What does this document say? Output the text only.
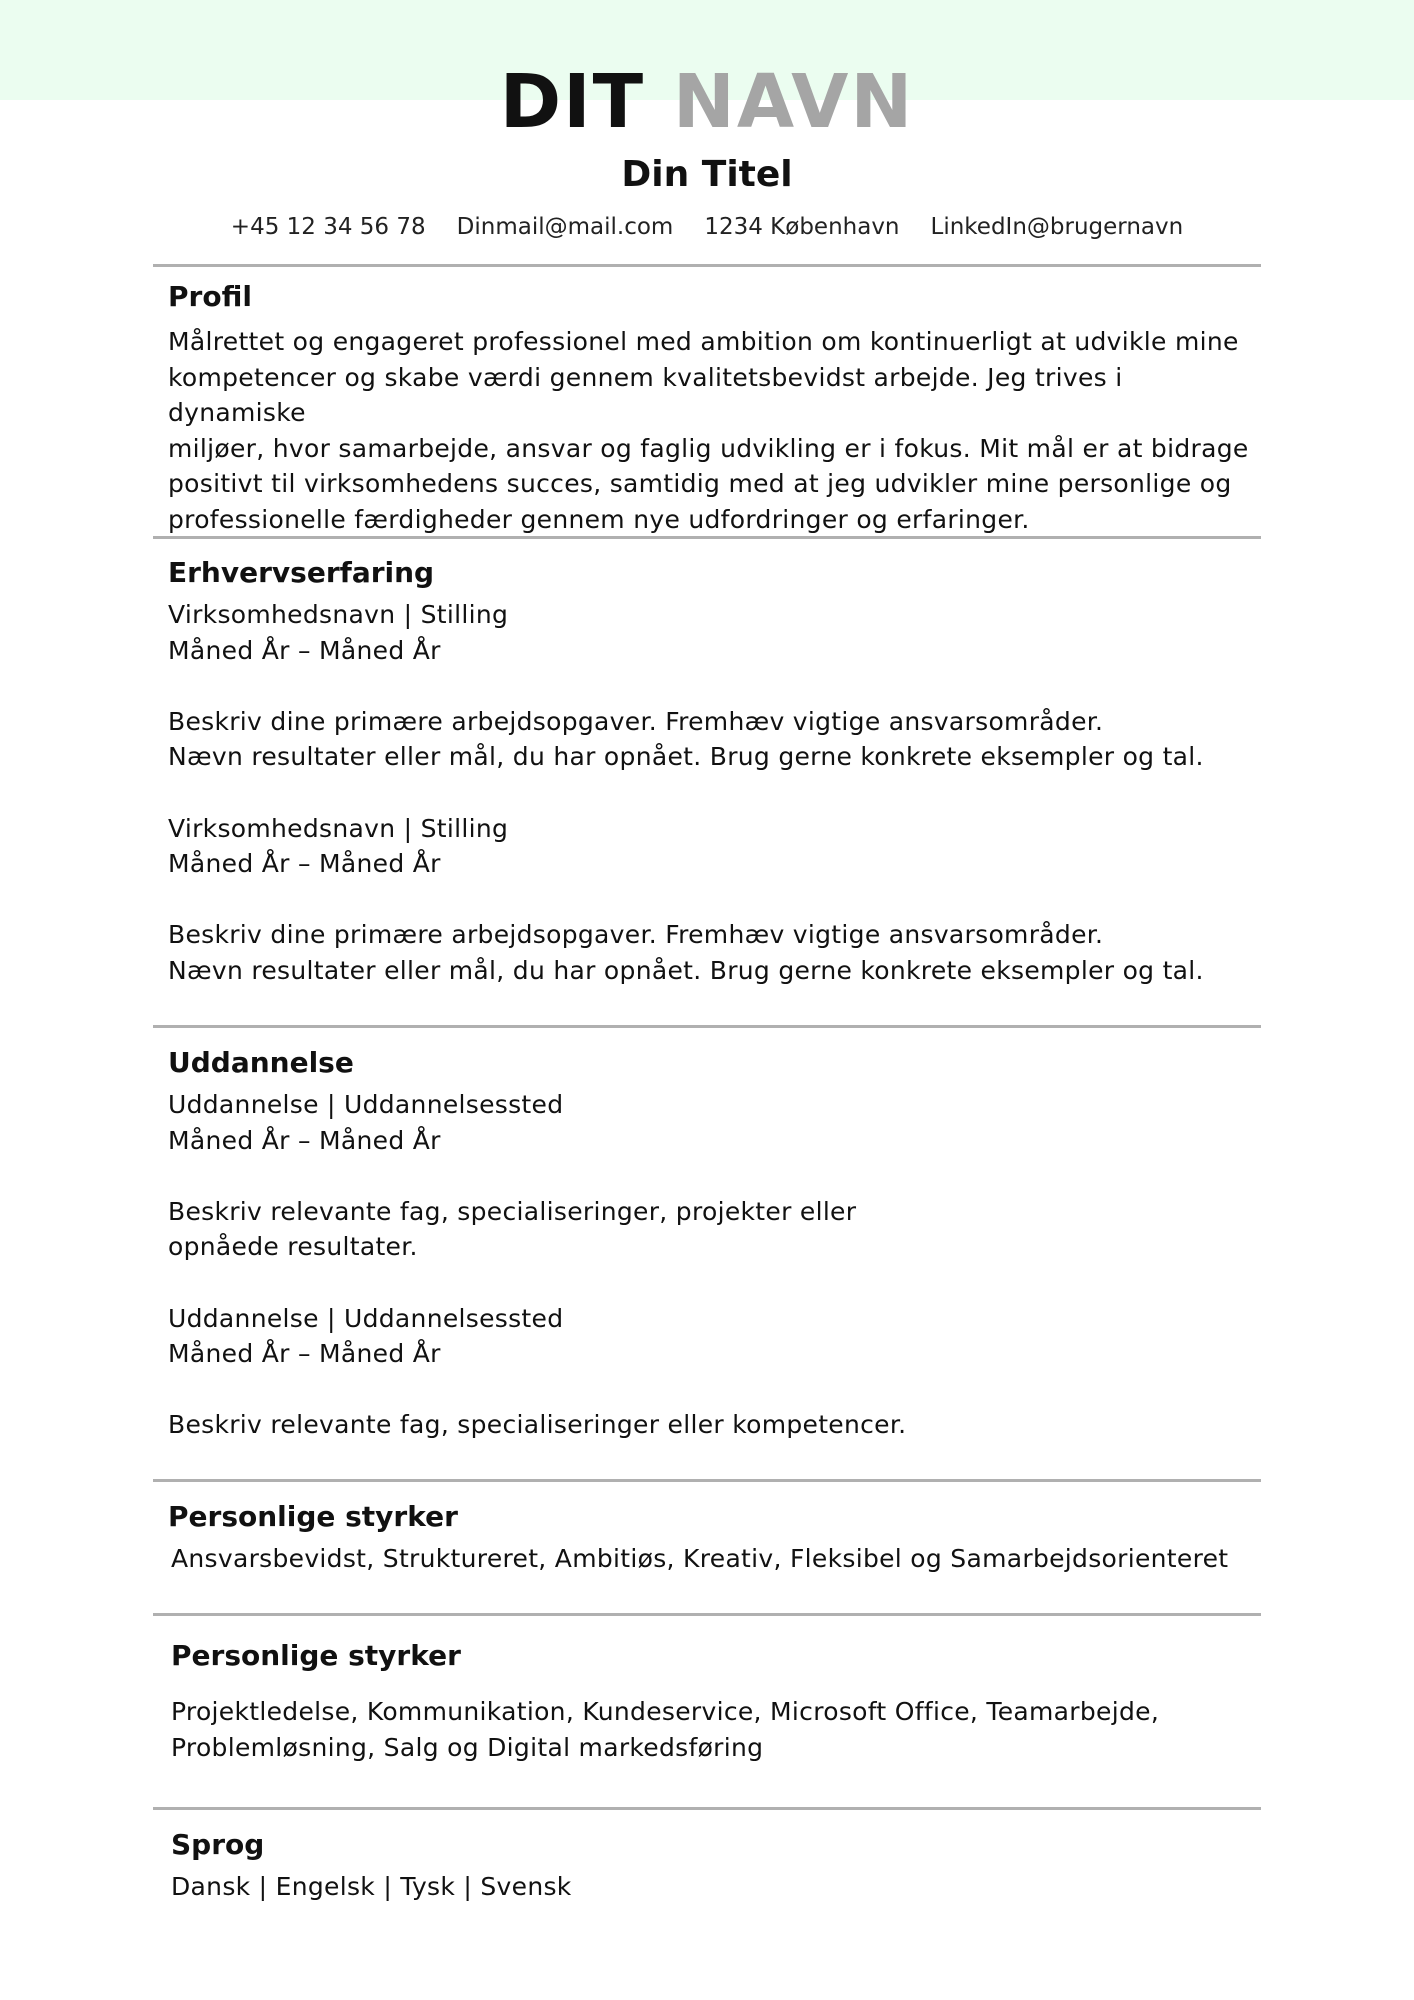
DIT NAVN
Din Titel
+45 12 34 56 78 Dinmail@mail.com 1234 København LinkedIn@brugernavn
Profil

Målrettet og engageret professionel med ambition om kontinuerligt at udvikle mine

kompetencer og skabe værdi gennem kvalitetsbevidst arbejde. Jeg trives i dynamiske

miljøer, hvor samarbejde, ansvar og faglig udvikling er i fokus. Mit mål er at bidrage

positivt til virksomhedens succes, samtidig med at jeg udvikler mine personlige og

professionelle færdigheder gennem nye udfordringer og erfaringer.

Erhvervserfaring

Virksomhedsnavn | Stilling

Måned År – Måned År

Beskriv dine primære arbejdsopgaver. Fremhæv vigtige ansvarsområder.

Nævn resultater eller mål, du har opnået. Brug gerne konkrete eksempler og tal.

Virksomhedsnavn | Stilling

Måned År – Måned År

Beskriv dine primære arbejdsopgaver. Fremhæv vigtige ansvarsområder.

Nævn resultater eller mål, du har opnået. Brug gerne konkrete eksempler og tal.

Uddannelse

Uddannelse | Uddannelsessted

Måned År – Måned År

Beskriv relevante fag, specialiseringer, projekter eller

opnåede resultater.

Uddannelse | Uddannelsessted

Måned År – Måned År

Beskriv relevante fag, specialiseringer eller kompetencer.

Personlige styrker

Ansvarsbevidst, Struktureret, Ambitiøs, Kreativ, Fleksibel og Samarbejdsorienteret

Personlige styrker

Projektledelse, Kommunikation, Kundeservice, Microsoft Office, Teamarbejde,

Problemløsning, Salg og Digital markedsføring

Sprog

Dansk | Engelsk | Tysk | Svensk
